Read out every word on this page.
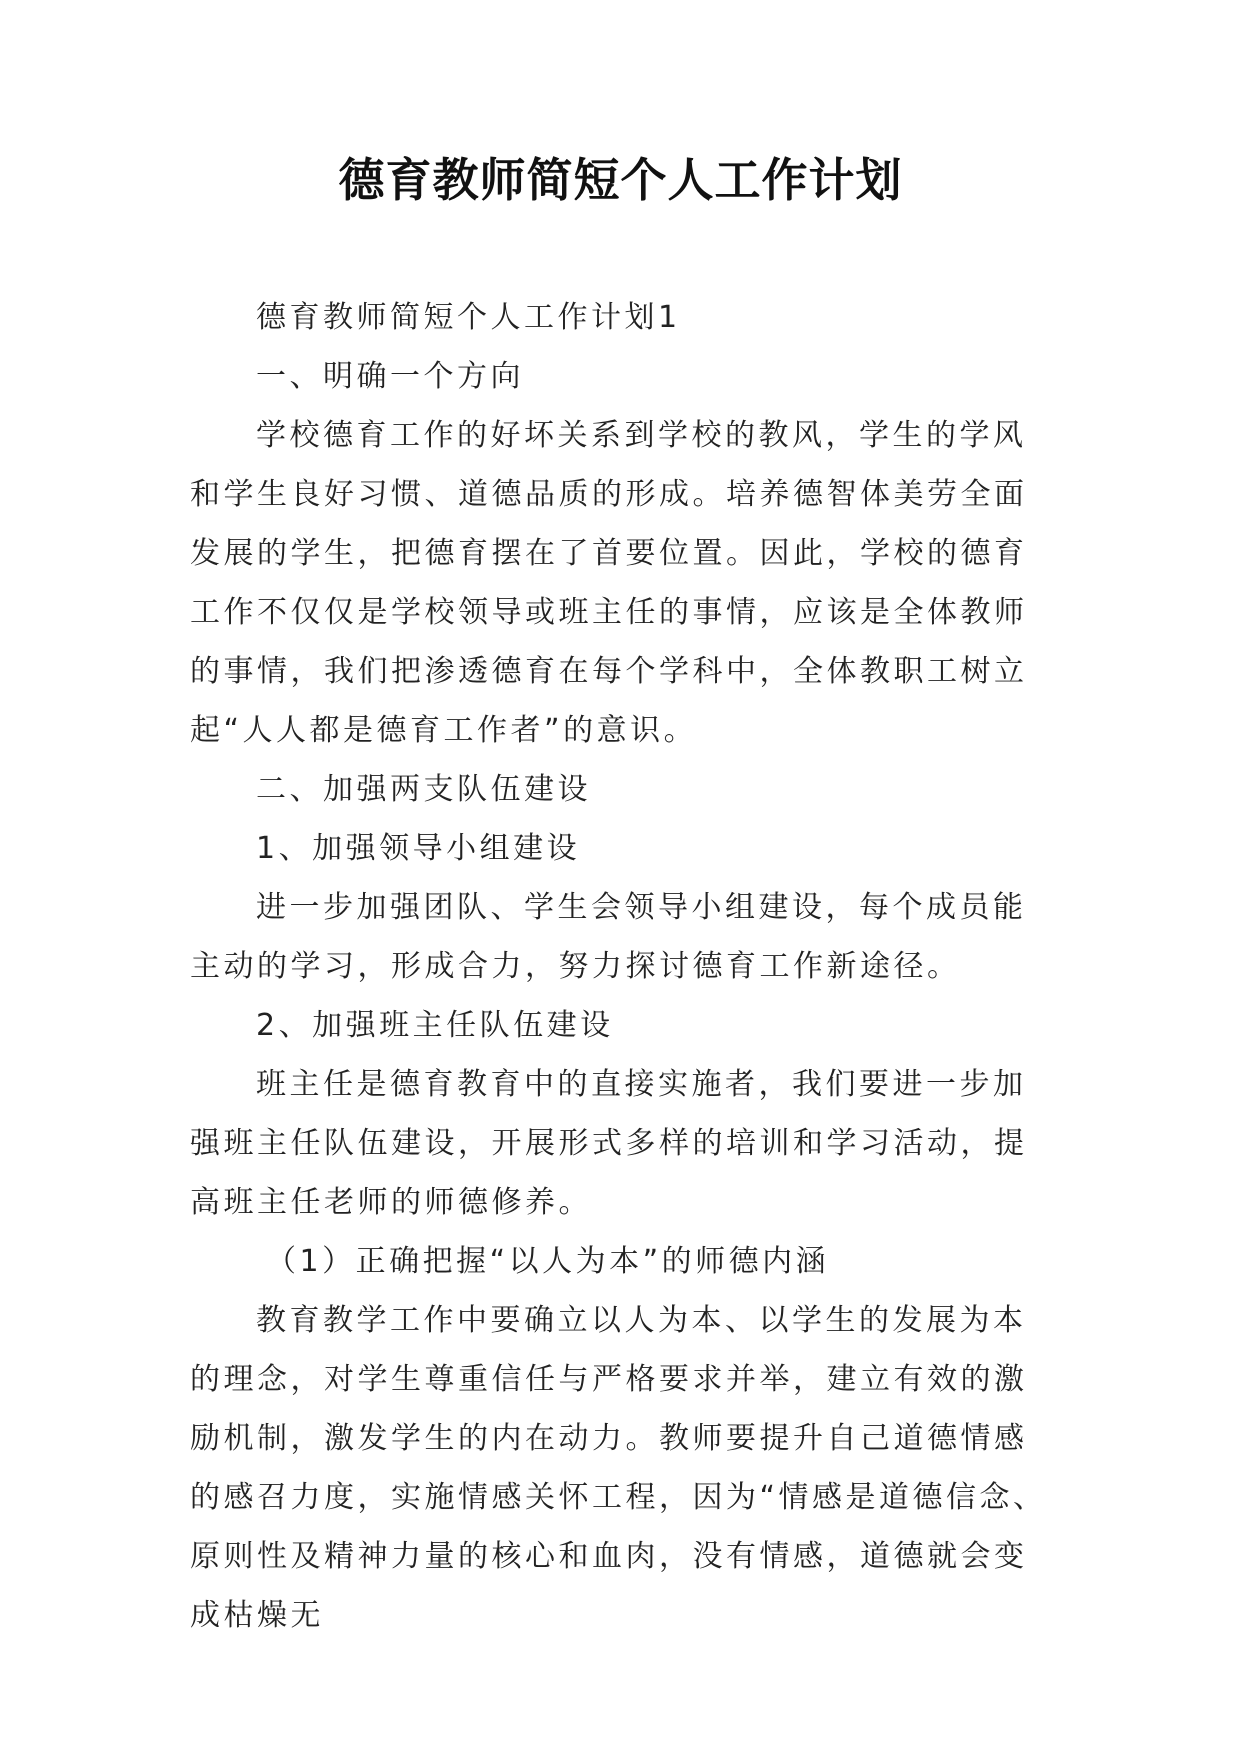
德育教师简短个人工作计划

德育教师简短个人工作计划1

一、明确一个方向

学校德育工作的好坏关系到学校的教风，学生的学风和学生良好习惯、道德品质的形成。培养德智体美劳全面发展的学生，把德育摆在了首要位置。因此，学校的德育工作不仅仅是学校领导或班主任的事情，应该是全体教师的事情，我们把渗透德育在每个学科中，全体教职工树立起“人人都是德育工作者”的意识。

二、加强两支队伍建设

1、加强领导小组建设

进一步加强团队、学生会领导小组建设，每个成员能主动的学习，形成合力，努力探讨德育工作新途径。

2、加强班主任队伍建设

班主任是德育教育中的直接实施者，我们要进一步加强班主任队伍建设，开展形式多样的培训和学习活动，提高班主任老师的师德修养。

（1）正确把握“以人为本”的师德内涵

教育教学工作中要确立以人为本、以学生的发展为本的理念，对学生尊重信任与严格要求并举，建立有效的激励机制，激发学生的内在动力。教师要提升自己道德情感的感召力度，实施情感关怀工程，因为“情感是道德信念、原则性及精神力量的核心和血肉，没有情感，道德就会变成枯燥无
